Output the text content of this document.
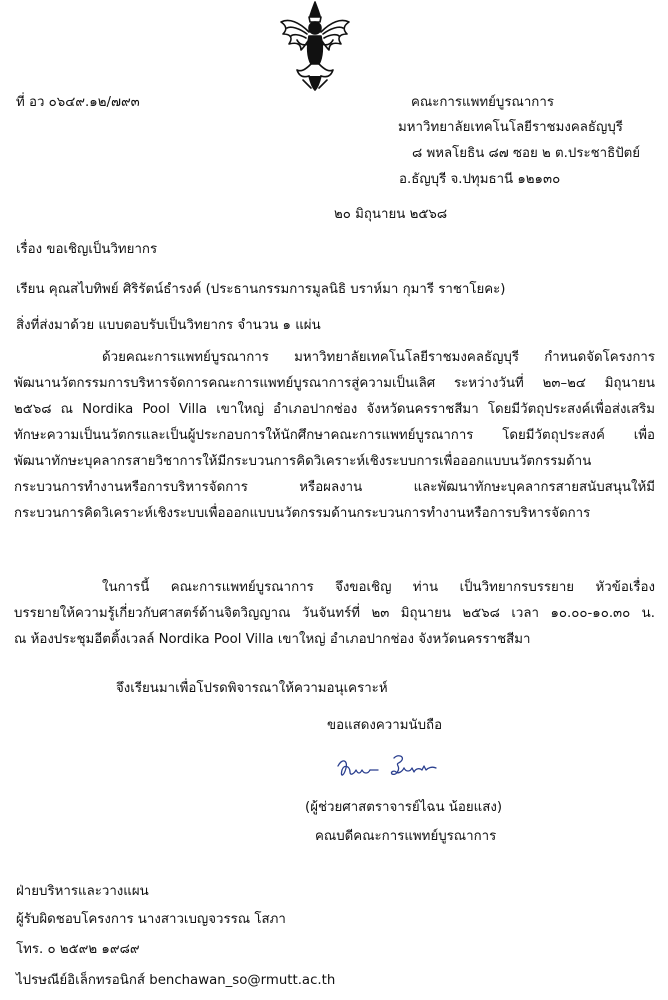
ที่ อว ๐๖๔๙.๑๒/๗๙๓	คณะการแพทย์บูรณาการ
มหาวิทยาลัยเทคโนโลยีราชมงคลธัญบุรี
๘ พหลโยธิน ๘๗ ซอย ๒ ต.ประชาธิปัตย์
อ.ธัญบุรี จ.ปทุมธานี ๑๒๑๓๐
๒๐ มิถุนายน ๒๕๖๘
เรื่อง ขอเชิญเป็นวิทยากร
เรียน คุณสไบทิพย์ ศิริรัตน์ธำรงค์ (ประธานกรรมการมูลนิธิ บราห์มา กุมารี ราชาโยคะ)
สิ่งที่ส่งมาด้วย แบบตอบรับเป็นวิทยากร จำนวน ๑ แผ่น
ด้วยคณะการแพทย์บูรณาการ มหาวิทยาลัยเทคโนโลยีราชมงคลธัญบุรี กำหนดจัดโครงการ
พัฒนานวัตกรรมการบริหารจัดการคณะการแพทย์บูรณาการสู่ความเป็นเลิศ ระหว่างวันที่ ๒๓–๒๔ มิถุนายน
๒๕๖๘ ณ Nordika Pool Villa เขาใหญ่ อำเภอปากช่อง จังหวัดนครราชสีมา โดยมีวัตถุประสงค์เพื่อส่งเสริม
ทักษะความเป็นนวัตกรและเป็นผู้ประกอบการให้นักศึกษาคณะการแพทย์บูรณาการ โดยมีวัตถุประสงค์ เพื่อ
พัฒนาทักษะบุคลากรสายวิชาการให้มีกระบวนการคิดวิเคราะห์เชิงระบบการเพื่อออกแบบนวัตกรรมด้าน
กระบวนการทำงานหรือการบริหารจัดการ หรือผลงาน และพัฒนาทักษะบุคลากรสายสนับสนุนให้มี
กระบวนการคิดวิเคราะห์เชิงระบบเพื่อออกแบบนวัตกรรมด้านกระบวนการทำงานหรือการบริหารจัดการ
ในการนี้ คณะการแพทย์บูรณาการ จึงขอเชิญ ท่าน เป็นวิทยากรบรรยาย หัวข้อเรื่อง
บรรยายให้ความรู้เกี่ยวกับศาสตร์ด้านจิตวิญญาณ วันจันทร์ที่ ๒๓ มิถุนายน ๒๕๖๘ เวลา ๑๐.๐๐-๑๐.๓๐ น.
ณ ห้องประชุมอีตติ้งเวลล์ Nordika Pool Villa เขาใหญ่ อำเภอปากช่อง จังหวัดนครราชสีมา
จึงเรียนมาเพื่อโปรดพิจารณาให้ความอนุเคราะห์
ขอแสดงความนับถือ
(ผู้ช่วยศาสตราจารย์ไฉน น้อยแสง)
คณบดีคณะการแพทย์บูรณาการ
ฝ่ายบริหารและวางแผน
ผู้รับผิดชอบโครงการ นางสาวเบญจวรรณ โสภา
โทร. ๐ ๒๕๙๒ ๑๙๘๙
ไปรษณีย์อิเล็กทรอนิกส์ benchawan_so@rmutt.ac.th
